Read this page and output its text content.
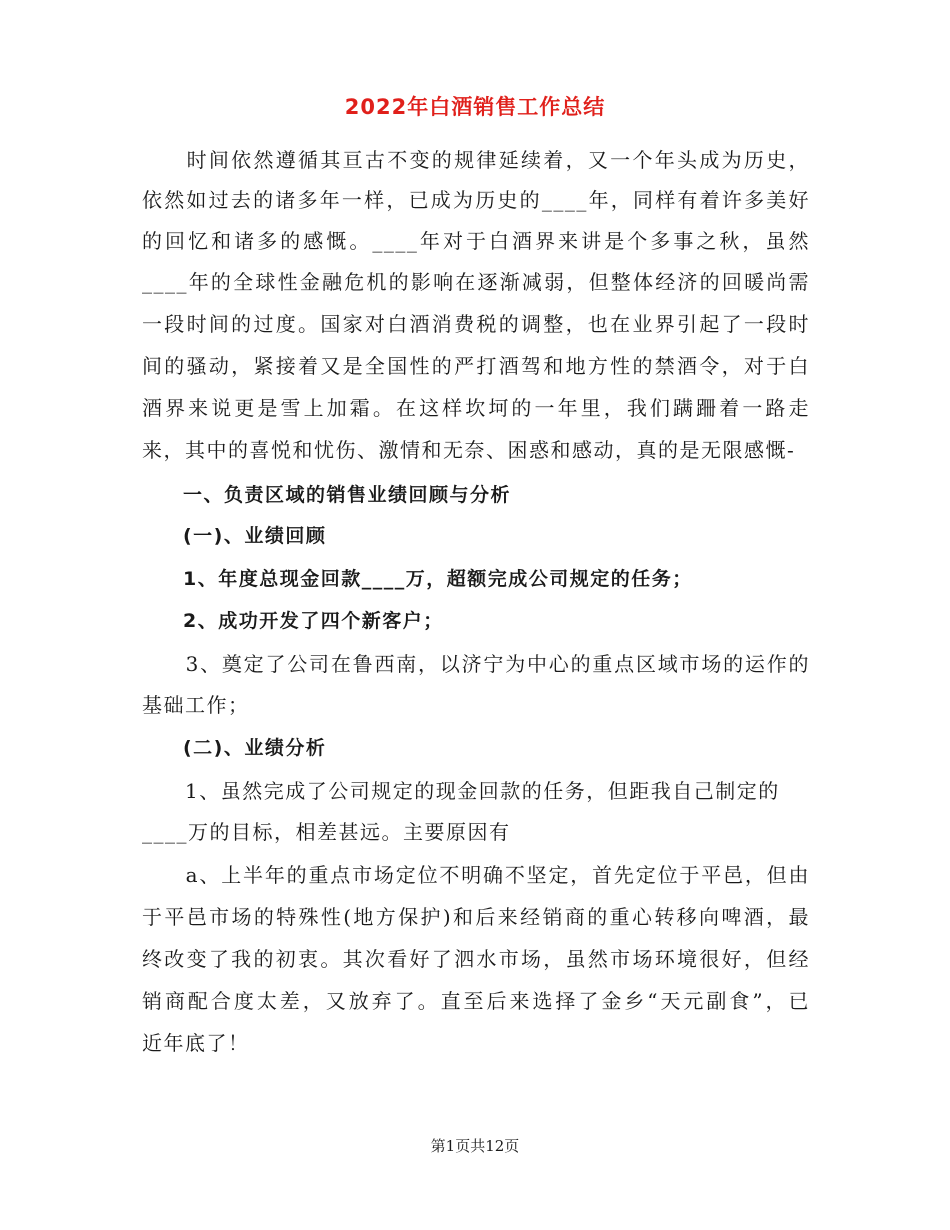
2022年白酒销售工作总结
　　时间依然遵循其亘古不变的规律延续着，又一个年头成为历史，
依然如过去的诸多年一样，已成为历史的____年，同样有着许多美好
的回忆和诸多的感慨。____年对于白酒界来讲是个多事之秋，虽然
____年的全球性金融危机的影响在逐渐减弱，但整体经济的回暖尚需
一段时间的过度。国家对白酒消费税的调整，也在业界引起了一段时
间的骚动，紧接着又是全国性的严打酒驾和地方性的禁酒令，对于白
酒界来说更是雪上加霜。在这样坎坷的一年里，我们蹒跚着一路走
来，其中的喜悦和忧伤、激情和无奈、困惑和感动，真的是无限感慨-
　　一、负责区域的销售业绩回顾与分析
　　(一)、业绩回顾
　　1、年度总现金回款____万，超额完成公司规定的任务；
　　2、成功开发了四个新客户；
　　3、奠定了公司在鲁西南，以济宁为中心的重点区域市场的运作的
基础工作；
　　(二)、业绩分析
　　1、虽然完成了公司规定的现金回款的任务，但距我自己制定的
____万的目标，相差甚远。主要原因有
　　a、上半年的重点市场定位不明确不坚定，首先定位于平邑，但由
于平邑市场的特殊性(地方保护)和后来经销商的重心转移向啤酒，最
终改变了我的初衷。其次看好了泗水市场，虽然市场环境很好，但经
销商配合度太差，又放弃了。直至后来选择了金乡“天元副食”，已
近年底了！
第1页共12页
